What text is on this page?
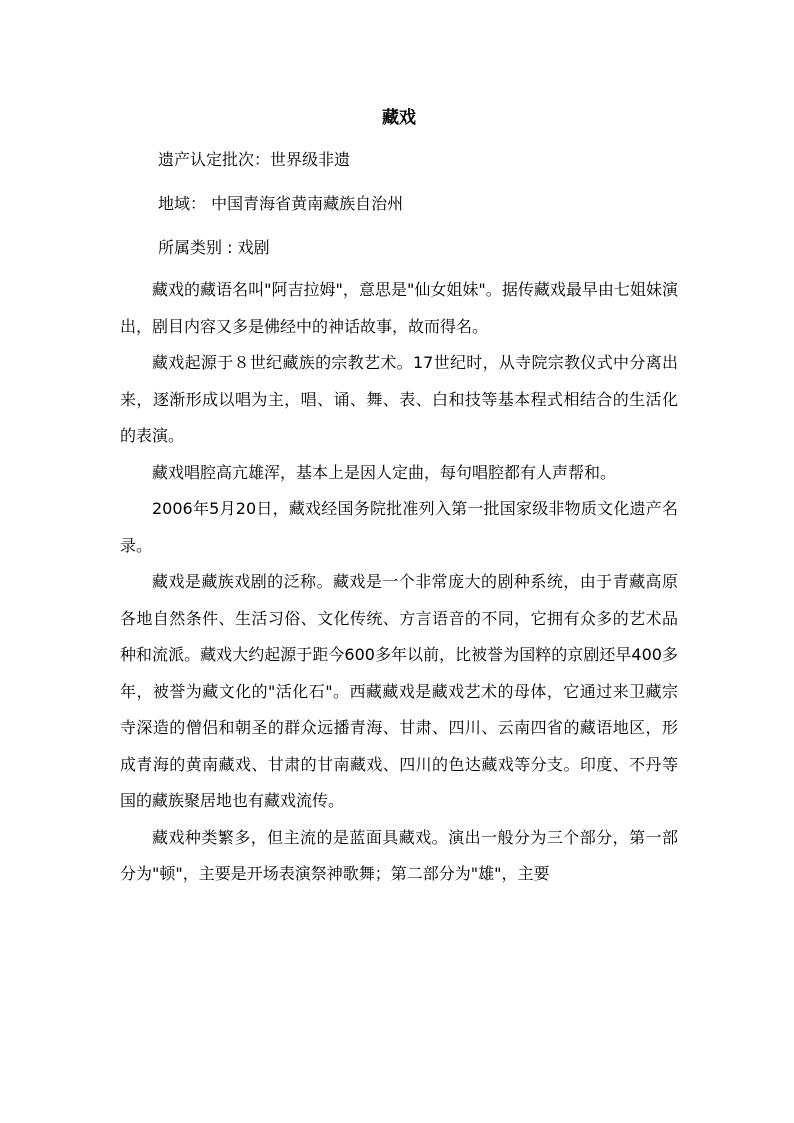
藏戏

遗产认定批次：世界级非遗

地域： 中国青海省黄南藏族自治州

所属类别 : 戏剧

藏戏的藏语名叫"阿吉拉姆"，意思是"仙女姐妹"。据传藏戏最早由七姐妹演出，剧目内容又多是佛经中的神话故事，故而得名。

藏戏起源于８世纪藏族的宗教艺术。17世纪时，从寺院宗教仪式中分离出来，逐渐形成以唱为主，唱、诵、舞、表、白和技等基本程式相结合的生活化的表演。

藏戏唱腔高亢雄浑，基本上是因人定曲，每句唱腔都有人声帮和。

2006年5月20日，藏戏经国务院批准列入第一批国家级非物质文化遗产名录。

藏戏是藏族戏剧的泛称。藏戏是一个非常庞大的剧种系统，由于青藏高原各地自然条件、生活习俗、文化传统、方言语音的不同，它拥有众多的艺术品种和流派。藏戏大约起源于距今600多年以前，比被誉为国粹的京剧还早400多年，被誉为藏文化的"活化石"。西藏藏戏是藏戏艺术的母体，它通过来卫藏宗寺深造的僧侣和朝圣的群众远播青海、甘肃、四川、云南四省的藏语地区，形成青海的黄南藏戏、甘肃的甘南藏戏、四川的色达藏戏等分支。印度、不丹等国的藏族聚居地也有藏戏流传。

藏戏种类繁多，但主流的是蓝面具藏戏。演出一般分为三个部分，第一部分为"顿"，主要是开场表演祭神歌舞；第二部分为"雄"，主要
